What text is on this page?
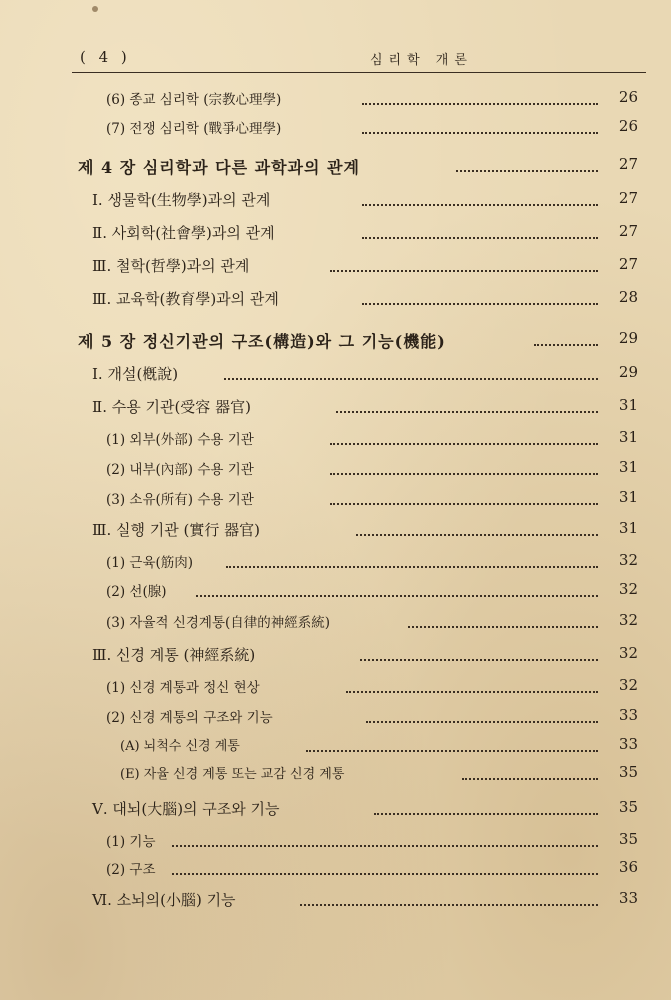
( 4 )	심리학 개론
(6) 종교 심리학 (宗教心理學)	26
(7) 전쟁 심리학 (戰爭心理學)	26
제 4 장 심리학과 다른 과학과의 관계	27
Ⅰ. 생물학(生物學)과의 관계	27
Ⅱ. 사회학(社會學)과의 관계	27
Ⅲ. 철학(哲學)과의 관계	27
Ⅲ. 교육학(教育學)과의 관계	28
제 5 장 정신기관의 구조(構造)와 그 기능(機能)	29
Ⅰ. 개설(槪說)	29
Ⅱ. 수용 기관(受容 器官)	31
(1) 외부(外部) 수용 기관	31
(2) 내부(內部) 수용 기관	31
(3) 소유(所有) 수용 기관	31
Ⅲ. 실행 기관 (實行 器官)	31
(1) 근육(筋肉)	32
(2) 선(腺)	32
(3) 자율적 신경계통(自律的神經系統)	32
Ⅲ. 신경 계통 (神經系統)	32
(1) 신경 계통과 정신 현상	32
(2) 신경 계통의 구조와 기능	33
(A) 뇌척수 신경 계통	33
(E) 자율 신경 계통 또는 교감 신경 계통	35
Ⅴ. 대뇌(大腦)의 구조와 기능	35
(1) 기능	35
(2) 구조	36
Ⅵ. 소뇌의(小腦) 기능	33
